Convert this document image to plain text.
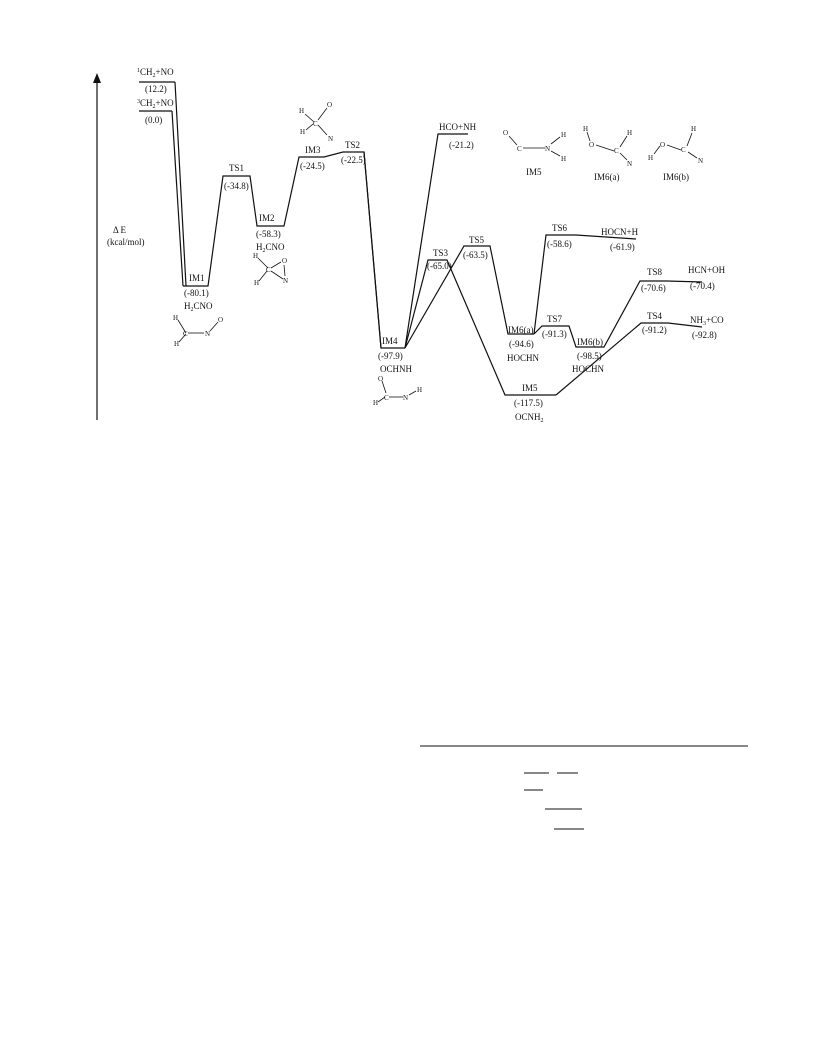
Δ E
(kcal/mol)
$^1CH_2+NO$
(12.2)
$^3CH_2+NO$
(0.0)
IM1
(-80.1)
$H_2CNO$
TS1
(-34.8)
IM2
(-58.3)
$H_2CNO$
IM3
(-24.5)
TS2
(-22.5)
HCO+NH
(-21.2)
IM4
(-97.9)
OCHNH
TS3
(-65.0)
TS5
(-63.5)
TS6
(-58.6)
HOCN+H
(-61.9)
IM6(a)
(-94.6)
HOCHN
TS7
(-91.3)
IM6(b)
(-98.5)
HOCHN
TS8
(-70.6)
HCN+OH
(-70.4)
TS4
(-91.2)
$NH_3+CO$
(-92.8)
IM5
(-117.5)
$OCNH_2$
H
H
C N
O
H
H
C
O
N
H
H
C
O
N
O
H
C N
H
O
C	N
H
H
IM5
H
O
C
H
N
IM6(a)
H
O
C
H
N
IM6(b)
